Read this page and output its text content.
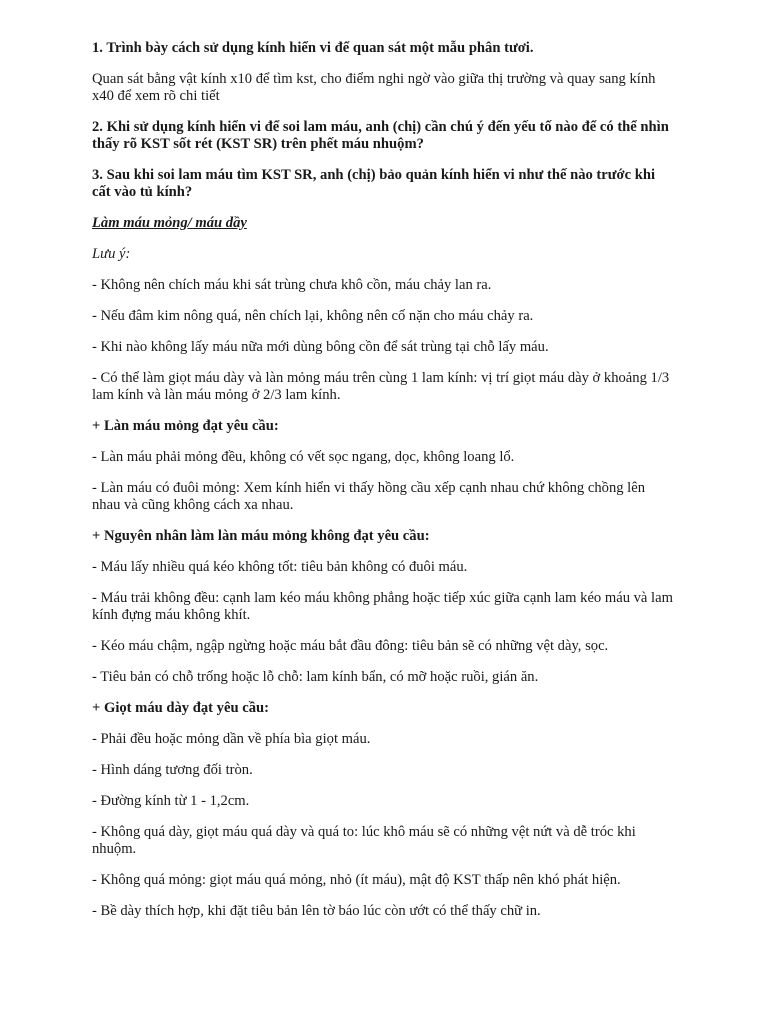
1. Trình bày cách sử dụng kính hiển vi để quan sát một mẫu phân tươi.

Quan sát bằng vật kính x10 để tìm kst, cho điểm nghi ngờ vào giữa thị trường và quay sang kính x40 để xem rõ chi tiết

2. Khi sử dụng kính hiển vi để soi lam máu, anh (chị) cần chú ý đến yếu tố nào để có thể nhìn thấy rõ KST sốt rét (KST SR) trên phết máu nhuộm?

3. Sau khi soi lam máu tìm KST SR, anh (chị) bảo quản kính hiển vi như thế nào trước khi cất vào tủ kính?

Làm máu mỏng/ máu dầy

Lưu ý:

- Không nên chích máu khi sát trùng chưa khô cồn, máu chảy lan ra.

- Nếu đâm kim nông quá, nên chích lại, không nên cố nặn cho máu chảy ra.

- Khi nào không lấy máu nữa mới dùng bông cồn để sát trùng tại chỗ lấy máu.

- Có thể làm giọt máu dày và làn mỏng máu trên cùng 1 lam kính: vị trí giọt máu dày ở khoảng 1/3 lam kính và làn máu mỏng ở 2/3 lam kính.

+ Làn máu mỏng đạt yêu cầu:

- Làn máu phải mỏng đều, không có vết sọc ngang, dọc, không loang lổ.

- Làn máu có đuôi mỏng: Xem kính hiển vi thấy hồng cầu xếp cạnh nhau chứ không chồng lên nhau và cũng không cách xa nhau.

+ Nguyên nhân làm làn máu mỏng không đạt yêu cầu:

- Máu lấy nhiều quá kéo không tốt: tiêu bản không có đuôi máu.

- Máu trải không đều: cạnh lam kéo máu không phẳng hoặc tiếp xúc giữa cạnh lam kéo máu và lam kính đựng máu không khít.

- Kéo máu chậm, ngập ngừng hoặc máu bắt đầu đông: tiêu bản sẽ có những vệt dày, sọc.

- Tiêu bản có chỗ trống hoặc lỗ chỗ: lam kính bẩn, có mỡ hoặc ruồi, gián ăn.

+ Giọt máu dày đạt yêu cầu:

- Phải đều hoặc mỏng dần về phía bìa giọt máu.

- Hình dáng tương đối tròn.

- Đường kính từ 1 - 1,2cm.

- Không quá dày, giọt máu quá dày và quá to: lúc khô máu sẽ có những vệt nứt và dễ tróc khi nhuộm.

- Không quá mỏng: giọt máu quá mỏng, nhỏ (ít máu), mật độ KST thấp nên khó phát hiện.

- Bề dày thích hợp, khi đặt tiêu bản lên tờ báo lúc còn ướt có thể thấy chữ in.
